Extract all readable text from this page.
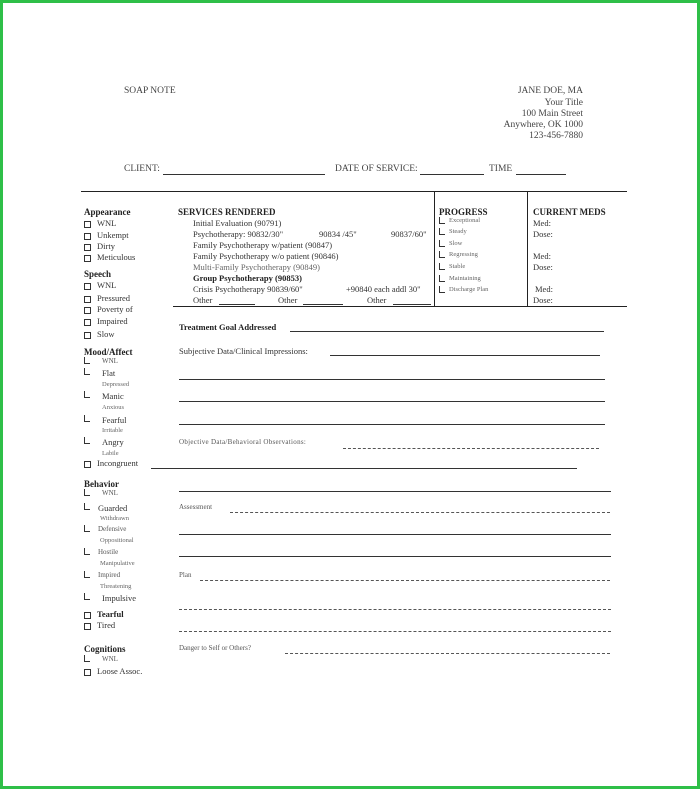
SOAP NOTE	JANE DOE, MA
Your Title
100 Main Street
Anywhere, OK 1000
123-456-7880
CLIENT:	DATE OF SERVICE:	TIME
Appearance
WNL
Unkempt
Dirty
Meticulous
Speech
WNL
Pressured
Poverty of
Impaired
Slow
Mood/Affect
WNL
Flat
Depressed
Manic
Anxious
Fearful
Irritable
Angry
Labile
Incongruent
Behavior
WNL
Guarded
Withdrawn
Defensive
Oppositional
Hostile
Manipulative
Impired
Threatening
Impulsive
Tearful
Tired
Cognitions
WNL
Loose Assoc.
SERVICES RENDERED
Initial Evaluation (90791)
Psychotherapy: 90832/30"	90834 /45"	90837/60"
Family Psychotherapy w/patient (90847)
Family Psychotherapy w/o patient (90846)
Multi-Family Psychotherapy (90849)
Group Psychotherapy (90853)
Crisis Psychotherapy 90839/60"	+90840 each addl 30"
Other	Other	Other
PROGRESS
Exceptional
Steady
Slow
Regressing
Stable
Maintaining
Discharge Plan
CURRENT MEDS
Med:
Dose:
Med:
Dose:
Med:
Dose:
Treatment Goal Addressed
Subjective Data/Clinical Impressions:
Objective Data/Behavioral Observations:
Assessment
Plan
Danger to Self or Others?
